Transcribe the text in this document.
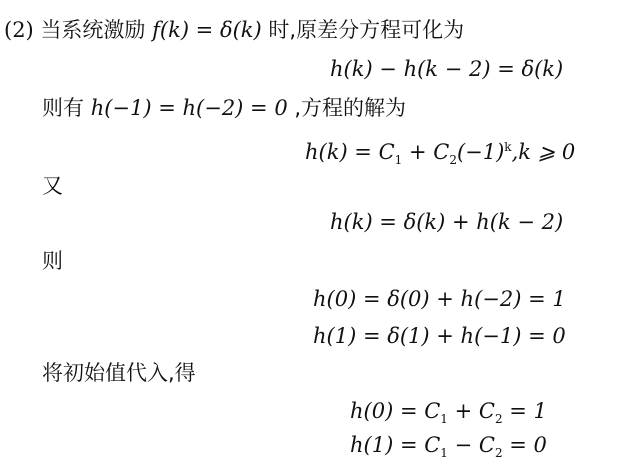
(2) 当系统激励 f(k) = δ(k) 时,原差分方程可化为
h(k) − h(k − 2) = δ(k)
则有 h(−1) = h(−2) = 0 ,方程的解为
$h(k) = C_1 + C_2(-1)^k,k$ ⩾ 0
又
h(k) = δ(k) + h(k − 2)
则
h(0) = δ(0) + h(−2) = 1
h(1) = δ(1) + h(−1) = 0
将初始值代入,得
$h(0) = C_1 + C_2 = 1$
$h(1) = C_1 - C_2 = 0$
